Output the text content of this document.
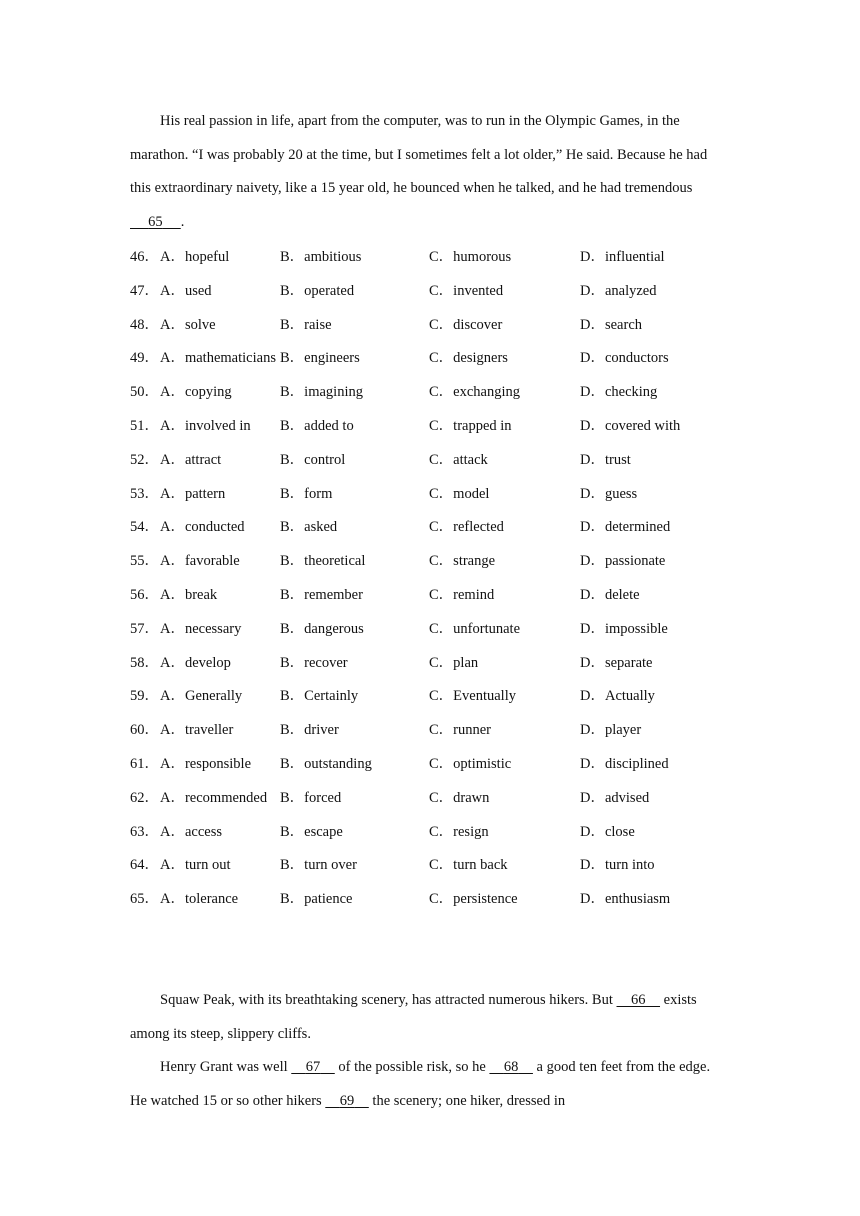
His real passion in life, apart from the computer, was to run in the Olympic Games, in the marathon. “I was probably 20 at the time, but I sometimes felt a lot older,” He said. Because he had this extraordinary naivety, like a 15 year old, he bounced when he talked, and he had tremendous     65 .

46． A．hopeful	B．ambitious	C．humorous	D．influential
47． A．used	B．operated	C．invented	D．analyzed
48． A．solve	B．raise	C．discover	D．search
49． A．mathematicians B．engineers	C．designers	D．conductors
50． A．copying	B．imagining	C．exchanging	D．checking
51． A．involved in B．added to	C．trapped in	D．covered with
52． A．attract	B．control	C．attack	D．trust
53． A．pattern	B．form	C．model	D．guess
54． A．conducted B．asked	C．reflected	D．determined
55． A．favorable	B．theoretical	C．strange	D．passionate
56． A．break	B．remember	C．remind	D．delete
57． A．necessary	B．dangerous	C．unfortunate	D．impossible
58． A．develop	B．recover	C．plan	D．separate
59． A．Generally	B．Certainly	C．Eventually	D．Actually
60． A．traveller	B．driver	C．runner	D．player
61． A．responsible B．outstanding	C．optimistic	D．disciplined
62． A．recommended B．forced	C．drawn	D．advised
63． A．access	B．escape	C．resign	D．close
64． A．turn out	B．turn over	C．turn back	D．turn into
65． A．tolerance	B．patience	C．persistence	D．enthusiasm

Squaw Peak, with its breathtaking scenery, has attracted numerous hikers. But 66 exists among its steep, slippery cliffs.

Henry Grant was well 67 of the possible risk, so he 68 a good ten feet from the edge. He watched 15 or so other hikers 69 the scenery; one hiker, dressed in
